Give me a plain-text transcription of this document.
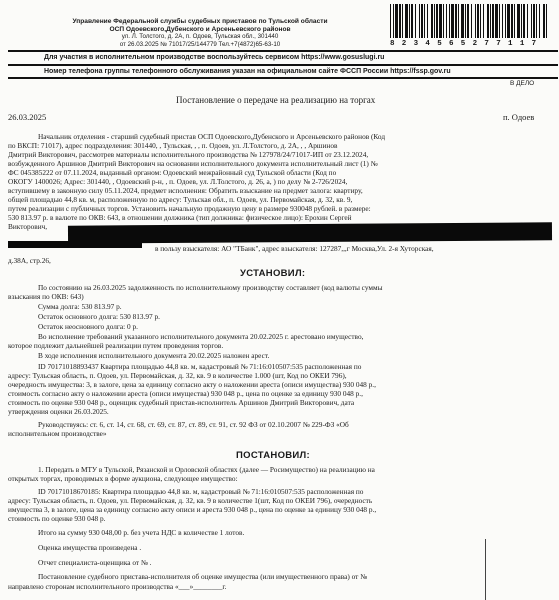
Управление Федеральной службы судебных приставов по Тульской области
ОСП Одоевского,Дубенского и Арсеньевского районов
ул. Л. Толстого, д. 2А, п. Одоев, Тульская обл., 301440
от 26.03.2025 № 71017/25/144779 Тел.+7(4872)65-63-10	8 2 3 4 5 6 5 2 7 7 1 1 7
Для участия в исполнительном производстве воспользуйтесь сервисом https://www.gosuslugi.ru
Номер телефона группы телефонного обслуживания указан на официальном сайте ФССП России https://fssp.gov.ru
В ДЕЛО
Постановление о передаче на реализацию на торгах
26.03.2025	п. Одоев
Начальник отделения - старший судебный пристав ОСП Одоевского,Дубенского и Арсеньевского районов (Код
по ВКСП: 71017), адрес подразделения: 301440, , Тульская, , , п. Одоев, ул. Л.Толстого, д. 2А, , , Аршинов
Дмитрий Викторович, рассмотрев материалы исполнительного производства № 127978/24/71017-ИП от 23.12.2024,
возбужденного Аршинов Дмитрий Викторович на основании исполнительного документа исполнительный лист (1) №
ФС 045385222 от 07.11.2024, выданный органом: Одоевский межрайонный суд Тульской области (Код по
ОКОГУ 1400026; Адрес: 301440, , Одоевский р-н, , п. Одоев, ул. Л.Толстого, д. 26, а, ) по делу № 2-726/2024,
вступившему в законную силу 05.11.2024, предмет исполнения: Обратить взыскание на предмет залога: квартиру,
общей площадью 44,8 кв. м, расположенную по адресу: Тульская обл., п. Одоев, ул. Первомайская, д. 32, кв. 9,
путем реализации с публичных торгов. Установить начальную продажную цену в размере 930048 рублей. в размере:
530 813.97 р. в валюте по ОКВ: 643, в отношении должника (тип должника: физическое лицо): Ерохин Сергей
Викторович,
в пользу взыскателя: АО "ТБанк", адрес взыскателя: 127287,,,г Москва,Ул. 2-я Хуторская,
д.38А, стр.26,
УСТАНОВИЛ:
По состоянию на 26.03.2025 задолженность по исполнительному производству составляет (код валюты суммы
взыскания по ОКВ: 643)
Сумма долга: 530 813.97 р.
Остаток основного долга: 530 813.97 р.
Остаток неосновного долга: 0 р.
Во исполнение требований указанного исполнительного документа 20.02.2025 г. арестовано имущество,
которое подлежит дальнейшей реализации путем проведения торгов.
В ходе исполнения исполнительного документа 20.02.2025 наложен арест.
ID 70171018893437 Квартира площадью 44,8 кв. м, кадастровый № 71:16:010507:535 расположенная по
адресу: Тульская область, п. Одоев, ул. Первомайская, д. 32, кв. 9 в количестве 1.000 (шт, Код по ОКЕИ 796),
очередность имущества: 3, в залоге, цена за единицу согласно акту о наложении ареста (описи имущества) 930 048 р.,
стоимость согласно акту о наложении ареста (описи имущества) 930 048 р., цена по оценке за единицу 930 048 р.,
стоимость по оценке 930 048 р., оценщик судебный пристав-исполнитель Аршинов Дмитрий Викторович, дата
утверждения оценки 26.03.2025.
Руководствуясь: ст. 6, ст. 14, ст. 68, ст. 69, ст. 87, ст. 89, ст. 91, ст. 92 ФЗ от 02.10.2007 № 229-ФЗ «Об
исполнительном производстве»
ПОСТАНОВИЛ:
1. Передать в МТУ в Тульской, Рязанской и Орловской областях (далее — Росимущество) на реализацию на
открытых торгах, проводимых в форме аукциона, следующее имущество:
ID 70171018670185: Квартира площадью 44,8 кв. м, кадастровый № 71:16:010507:535 расположенная по
адресу: Тульская область, п. Одоев, ул. Первомайская, д. 32, кв. 9 в количестве 1(шт, Код по ОКЕИ 796), очередность
имущества 3, в залоге, цена за единицу согласно акту описи и ареста 930 048 р., цена по оценке за единицу 930 048 р.,
стоимость по оценке 930 048 р.
Итого на сумму 930 048,00 р. без учета НДС в количестве 1 лотов.
Оценка имущества произведена .
Отчет специалиста-оценщика от № .
Постановление судебного пристава-исполнителя об оценке имущества (или имущественного права) от №
направлено сторонам исполнительного производства «___»________г.
